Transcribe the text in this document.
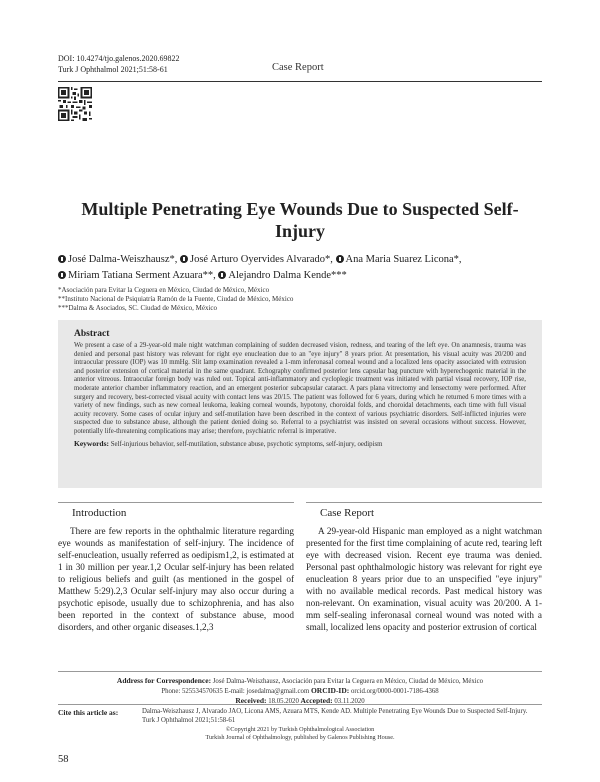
DOI: 10.4274/tjo.galenos.2020.69822
Turk J Ophthalmol 2021;51:58-61	Case Report
Multiple Penetrating Eye Wounds Due to Suspected Self-Injury
José Dalma-Weiszhausz*, José Arturo Oyervides Alvarado*, Ana Maria Suarez Licona*,
Miriam Tatiana Serment Azuara**, Alejandro Dalma Kende***
*Asociación para Evitar la Ceguera en México, Ciudad de México, México
**Instituto Nacional de Psiquiatría Ramón de la Fuente, Ciudad de México, México
***Dalma & Asociados, SC. Ciudad de México, México
Abstract
We present a case of a 29-year-old male night watchman complaining of sudden decreased vision, redness, and tearing of the left eye. On anamnesis, trauma was denied and personal past history was relevant for right eye enucleation due to an "eye injury" 8 years prior. At presentation, his visual acuity was 20/200 and intraocular pressure (IOP) was 10 mmHg. Slit lamp examination revealed a 1-mm inferonasal corneal wound and a localized lens opacity associated with extrusion and posterior extension of cortical material in the same quadrant. Echography confirmed posterior lens capsular bag puncture with hyperechogenic material in the anterior vitreous. Intraocular foreign body was ruled out. Topical anti-inflammatory and cycloplegic treatment was initiated with partial visual recovery, IOP rise, moderate anterior chamber inflammatory reaction, and an emergent posterior subcapsular cataract. A pars plana vitrectomy and lensectomy were performed. After surgery and recovery, best-corrected visual acuity with contact lens was 20/15. The patient was followed for 6 years, during which he returned 6 more times with a variety of new findings, such as new corneal leukoma, leaking corneal wounds, hypotony, choroidal folds, and choroidal detachments, each time with full visual acuity recovery. Some cases of ocular injury and self-mutilation have been described in the context of various psychiatric disorders. Self-inflicted injuries were suspected due to substance abuse, although the patient denied doing so. Referral to a psychiatrist was insisted on several occasions without success. However, potentially life-threatening complications may arise; therefore, psychiatric referral is imperative.
Keywords: Self-injurious behavior, self-mutilation, substance abuse, psychotic symptoms, self-injury, oedipism
Introduction
There are few reports in the ophthalmic literature regarding eye wounds as manifestation of self-injury. The incidence of self-enucleation, usually referred as oedipism1,2, is estimated at 1 in 30 million per year.1,2 Ocular self-injury has been related to religious beliefs and guilt (as mentioned in the gospel of Matthew 5:29).2,3 Ocular self-injury may also occur during a psychotic episode, usually due to schizophrenia, and has also been reported in the context of substance abuse, mood disorders, and other organic diseases.1,2,3
Case Report
A 29-year-old Hispanic man employed as a night watchman presented for the first time complaining of acute red, tearing left eye with decreased vision. Recent eye trauma was denied. Personal past ophthalmologic history was relevant for right eye enucleation 8 years prior due to an unspecified "eye injury" with no available medical records. Past medical history was non-relevant. On examination, visual acuity was 20/200. A 1-mm self-sealing inferonasal corneal wound was noted with a small, localized lens opacity and posterior extrusion of cortical
Address for Correspondence: José Dalma-Weiszhausz, Asociación para Evitar la Ceguera en México, Ciudad de México, México
Phone: 525534570635 E-mail: josedalma@gmail.com ORCID-ID: orcid.org/0000-0001-7186-4368
Received: 18.05.2020 Accepted: 03.11.2020
Cite this article as:	Dalma-Weiszhausz J, Alvarado JAO, Licona AMS, Azuara MTS, Kende AD. Multiple Penetrating Eye Wounds Due to Suspected Self-Injury.
Turk J Ophthalmol 2021;51:58-61
©Copyright 2021 by Turkish Ophthalmological Association
Turkish Journal of Ophthalmology, published by Galenos Publishing House.
58
